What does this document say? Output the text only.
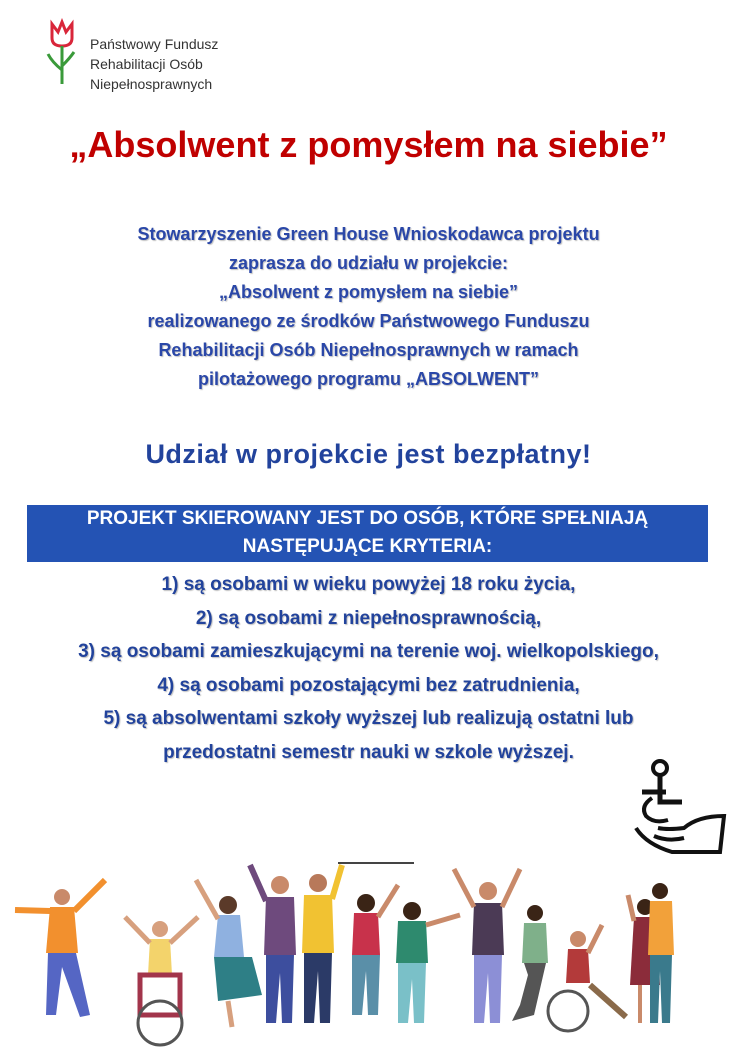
Państwowy Fundusz
Rehabilitacji Osób
Niepełnosprawnych
„Absolwent z pomysłem na siebie”
Stowarzyszenie Green House Wnioskodawca projektu
zaprasza do udziału w projekcie:
„Absolwent z pomysłem na siebie”
realizowanego ze środków Państwowego Funduszu
Rehabilitacji Osób Niepełnosprawnych w ramach
pilotażowego programu „ABSOLWENT”
Udział w projekcie jest bezpłatny!
PROJEKT SKIEROWANY JEST DO OSÓB, KTÓRE SPEŁNIAJĄ
NASTĘPUJĄCE KRYTERIA:
1) są osobami w wieku powyżej 18 roku życia,
2) są osobami z niepełnosprawnością,
3) są osobami zamieszkującymi na terenie woj. wielkopolskiego,
4) są osobami pozostającymi bez zatrudnienia,
5) są absolwentami szkoły wyższej lub realizują ostatni lub
przedostatni semestr nauki w szkole wyższej.
